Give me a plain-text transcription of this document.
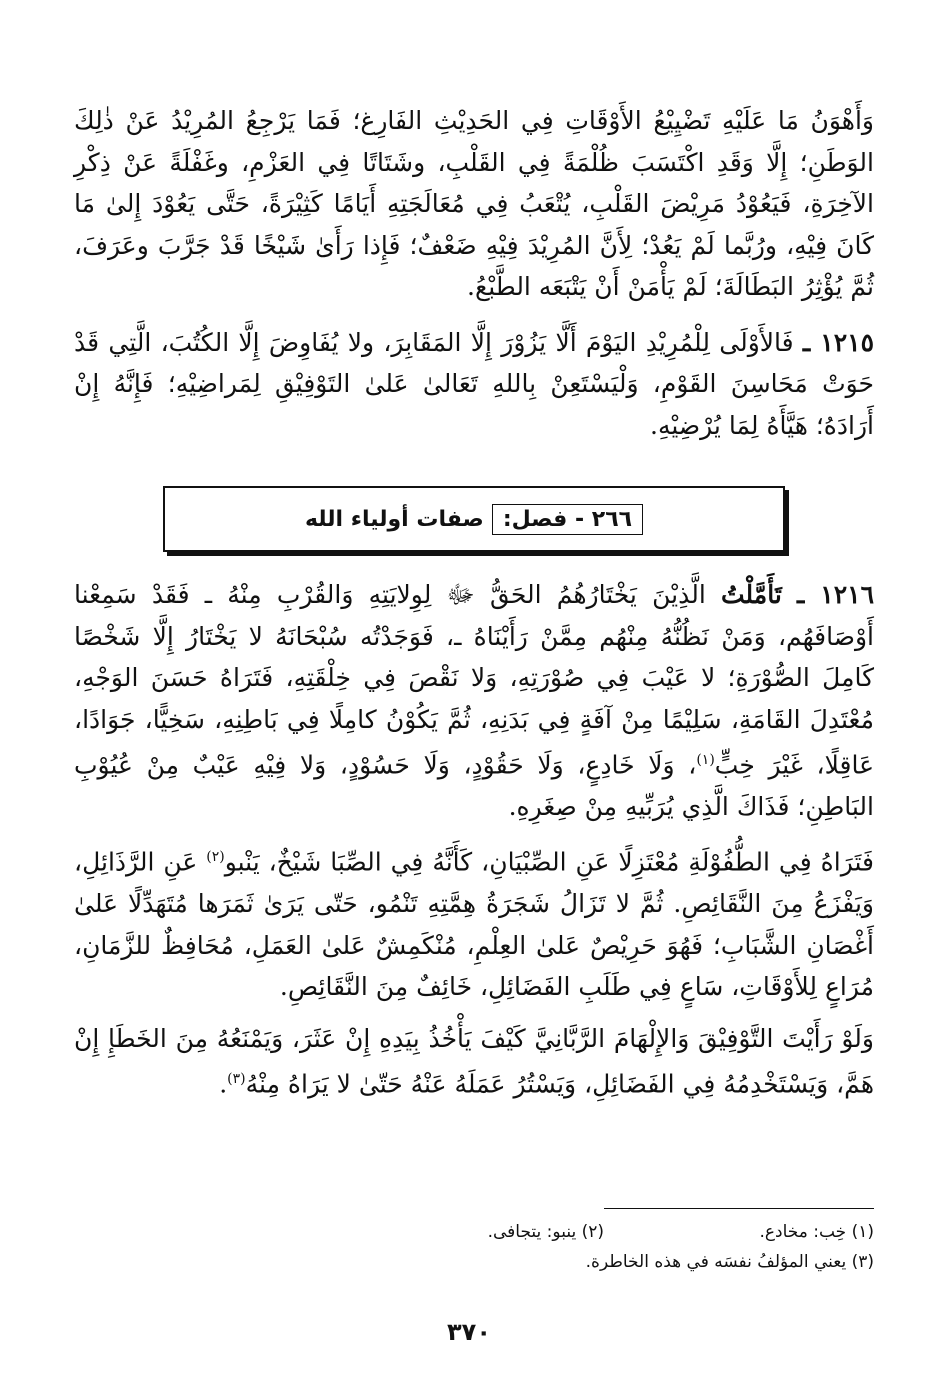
وَأَهْوَنُ مَا عَلَيْهِ تَضْيِيْعُ الأَوْقَاتِ فِي الحَدِيْثِ الفَارِغ؛ فَمَا يَرْجِعُ المُرِيْدُ عَنْ ذٰلِكَ الوَطَنِ؛ إِلَّا وَقَدِ اكْتَسَبَ ظُلْمَةً فِي القَلْبِ، وشَتَاتًا فِي العَزْمِ، وغَفْلَةً عَنْ ذِكْرِ الآخِرَةِ، فَيَعُوْدُ مَرِيْضَ القَلْبِ، يُتْعَبُ فِي مُعَالَجَتِهِ أَيَامًا كَثِيْرَةً، حَتَّى يَعُوْدَ إِلىٰ مَا كَانَ فِيْهِ، ورُبَّما لَمْ يَعُدْ؛ لِأَنَّ المُرِيْدَ فِيْهِ ضَعْفٌ؛ فَإِذا رَأَىٰ شَيْخًا قَدْ جَرَّبَ وعَرَفَ، ثُمَّ يُؤْثِرُ البَطَالَةَ؛ لَمْ يَأْمَنْ أَنْ يَتْبَعَه الطَّبْعُ.

١٢١٥ ـ فَالأَوْلَى لِلْمُرِيْدِ اليَوْمَ أَلَّا يَزُوْرَ إِلَّا المَقَابِرَ، ولا يُفَاوِضَ إِلَّا الكُتُبَ، الَّتِي قَدْ حَوَتْ مَحَاسِنَ القَوْمِ، وَلْيَسْتَعِنْ بِاللهِ تَعَالىٰ عَلىٰ التَوْفِيْقِ لِمَراضِيْهِ؛ فَإِنَّهُ إِنْ أَرَادَهُ؛ هَيَّأَهُ لِمَا يُرْضِيْهِ.

٢٦٦ - فصل:
صفات أولياء الله

١٢١٦ ـ تَأَمَّلْتُ الَّذِيْنَ يَخْتَارُهُمُ الحَقُّ ﷻ لِوِلايَتِهِ وَالقُرْبِ مِنْهُ ـ فَقَدْ سَمِعْنا أَوْصَافَهُم، وَمَنْ نَظُنُّهُ مِنْهُم مِمَّنْ رَأَيْنَاهُ ـ، فَوَجَدْتُه سُبْحَانَهُ لا يَخْتَارُ إِلَّا شَخْصًا كَامِلَ الصُّوْرَةِ؛ لا عَيْبَ فِي صُوْرَتِهِ، وَلا نَقْصَ فِي خِلْقَتِهِ، فَتَرَاهُ حَسَنَ الوَجْهِ، مُعْتَدِلَ القَامَةِ، سَلِيْمًا مِنْ آفَةٍ فِي بَدَنِهِ، ثُمَّ يَكُوْنُ كامِلًا فِي بَاطِنِهِ، سَخِيًّا، جَوَادًا، عَاقِلًا، غَيْرَ خِبٍّ$^{(١)}$، وَلَا خَادِعٍ، وَلَا حَقُوْدٍ، وَلَا حَسُوْدٍ، وَلا فِيْهِ عَيْبٌ مِنْ عُيُوْبِ البَاطِنِ؛ فَذَاكَ الَّذِي يُرَبِّيهِ مِنْ صِغَرِهِ.

فَتَرَاهُ فِي الطُّفُوْلَةِ مُعْتَزِلًا عَنِ الصِّبْيَانِ، كَأَنَّهُ فِي الصِّبَا شَيْخٌ، يَنْبو$^{(٢)}$ عَنِ الرَّذَائِلِ، وَيَفْزَعُ مِنَ النَّقَائِصِ. ثُمَّ لا تَزَالُ شَجَرَةُ هِمَّتِهِ تَنْمُو، حَتّى يَرَىٰ ثَمَرَها مُتَهَدِّلًا عَلىٰ أَغْصَانِ الشَّبَابِ؛ فَهُوَ حَرِيْصٌ عَلىٰ العِلْمِ، مُنْكَمِشٌ عَلىٰ العَمَلِ، مُحَافِظٌ للزَّمَانِ، مُرَاعٍ لِلأَوْقَاتِ، سَاعٍ فِي طَلَبِ الفَضَائِلِ، خَائِفٌ مِنَ النَّقَائِصِ.

وَلَوْ رَأَيْتَ التَّوْفِيْقَ وَالإِلْهَامَ الرَّبَّانِيَّ كَيْفَ يَأْخُذُ بِيَدِهِ إِنْ عَثَرَ، وَيَمْنَعُهُ مِنَ الخَطَإِ إِنْ هَمَّ، وَيَسْتَخْدِمُهُ فِي الفَضَائِلِ، وَيَسْتُرُ عَمَلَهُ عَنْهُ حَتّىٰ لا يَرَاهُ مِنْهُ$^{(٣)}$.

(١) خِب: مخادع.
(٢) ينبو: يتجافى.
(٣) يعني المؤلفُ نفسَه في هذه الخاطرة.
٣٧٠
